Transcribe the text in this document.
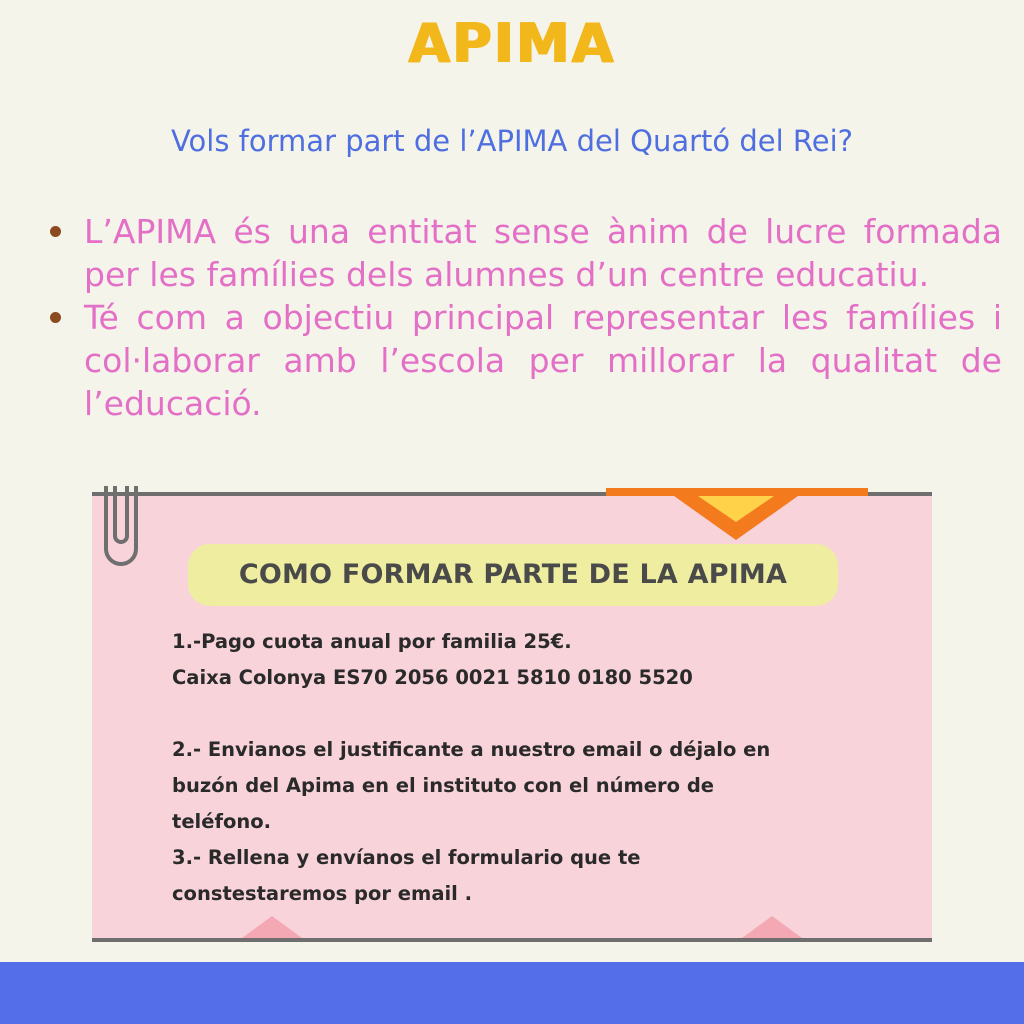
APIMA
Vols formar part de l’APIMA del Quartó del Rei?
L’APIMA és una entitat sense ànim de lucre formada per les famílies dels alumnes d’un centre educatiu.
Té com a objectiu principal representar les famílies i col·laborar amb l’escola per millorar la qualitat de l’educació.
COMO FORMAR PARTE DE LA APIMA

1.-Pago cuota anual por familia 25€.

Caixa Colonya ES70 2056 0021 5810 0180 5520

2.- Envianos el justificante a nuestro email o déjalo en

buzón del Apima en el instituto con el número de

teléfono.

3.- Rellena y envíanos el formulario que te

constestaremos por email .
